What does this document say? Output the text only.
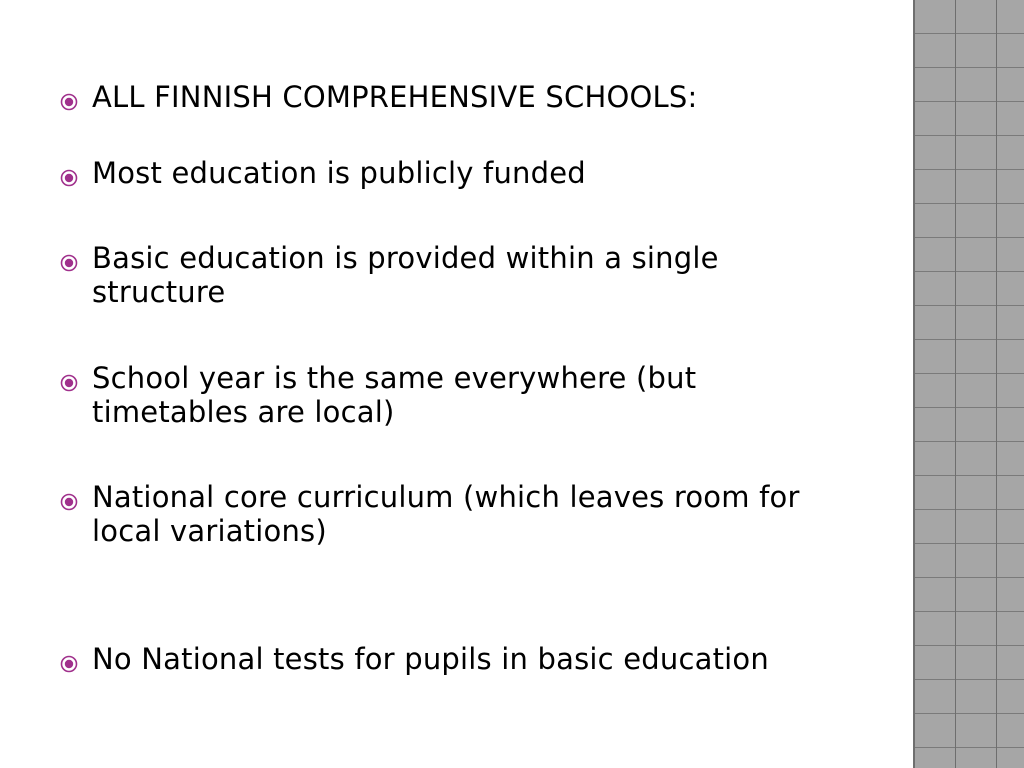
ALL FINNISH COMPREHENSIVE SCHOOLS:
Most education is publicly funded
Basic education is provided within a single structure
School year is the same everywhere (but timetables are local)
National core curriculum (which leaves room for local variations)
No National tests for pupils in basic education
